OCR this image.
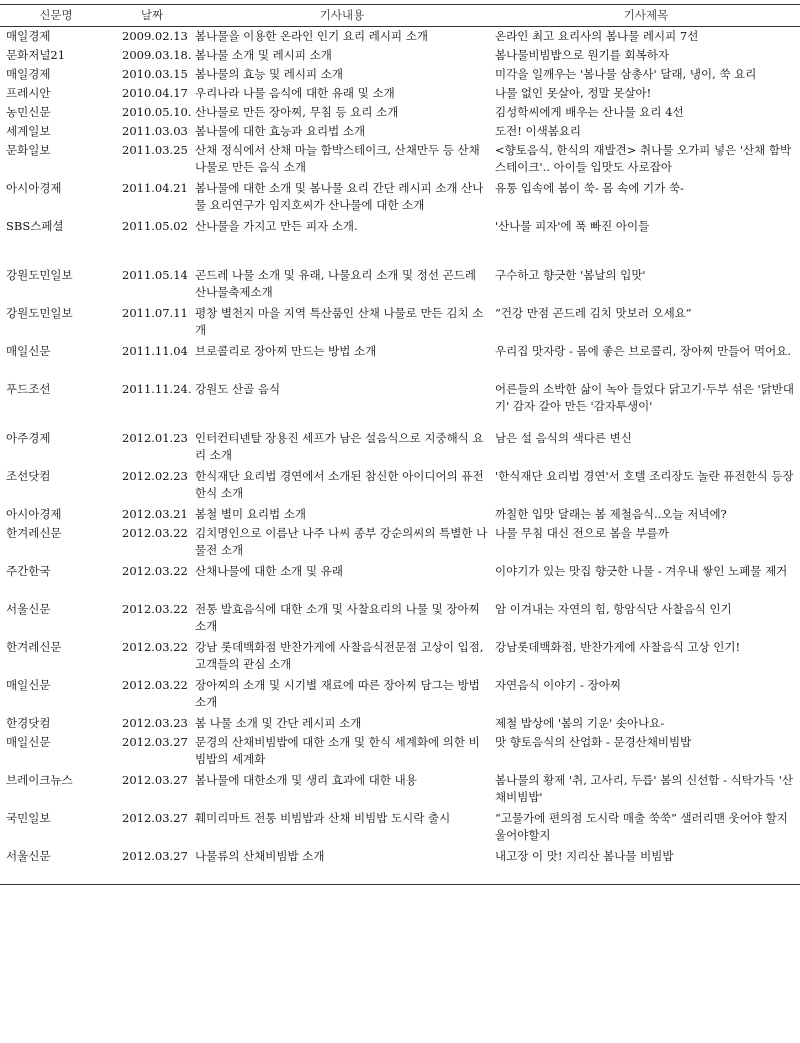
신문명	날짜	기사내용	기사제목
매일경제	2009.02.13	봄나물을 이용한 온라인 인기 요리 레시피 소개	온라인 최고 요리사의 봄나물 레시피 7선
문화저널21	2009.03.18.	봄나물 소개 및 레시피 소개	봄나물비빔밥으로 원기를 회복하자
매일경제	2010.03.15	봄나물의 효능 및 레시피 소개	미각을 일깨우는 '봄나물 삼총사' 달래, 냉이, 쑥 요리
프레시안	2010.04.17	우리나라 나물 음식에 대한 유래 및 소개	나물 없인 못살아, 정말 못살아!
농민신문	2010.05.10.	산나물로 만든 장아찌, 무침 등 요리 소개	김성학씨에게 배우는 산나물 요리 4선
세계일보	2011.03.03	봄나물에 대한 효능과 요리법 소개	도전! 이색봄요리
문화일보	2011.03.25	산채 정식에서 산채 마늘 함박스테이크, 산채만두 등 산채나물로 만든 음식 소개	<향토음식, 한식의 재발견> 취나물 오가피 넣은 '산채 함박스테이크'.. 아이들 입맛도 사로잡아
아시아경제	2011.04.21	봄나물에 대한 소개 및 봄나물 요리 간단 레시피 소개 산나물 요리연구가 임지호씨가 산나물에 대한 소개	유통 입속에 봄이 쑥- 몸 속에 기가 쑥-
SBS스페셜	2011.05.02	산나물을 가지고 만든 피자 소개.	'산나물 피자'에 푹 빠진 아이들
강원도민일보	2011.05.14	곤드레 나물 소개 및 유래, 나물요리 소개 및 정선 곤드레 산나물축제소개	구수하고 향긋한 '봄날의 입맛'
강원도민일보	2011.07.11	평창 별천지 마을 지역 특산품인 산채 나물로 만든 김치 소개	“건강 만점 곤드레 김치 맛보러 오세요”
매일신문	2011.11.04	브로콜리로 장아찌 만드는 방법 소개	우리집 맛자랑 - 몸에 좋은 브로콜리, 장아찌 만들어 먹어요.
푸드조선	2011.11.24.	강원도 산골 음식	어른들의 소박한 삶이 녹아 들었다 닭고기·두부 섞은 '닭반대기' 감자 갈아 만든 '감자투생이'
아주경제	2012.01.23	인터컨티넨탈 장용진 세프가 남은 설음식으로 지중해식 요리 소개	남은 설 음식의 색다른 변신
조선닷컴	2012.02.23	한식재단 요리법 경연에서 소개된 참신한 아이디어의 퓨전 한식 소개	'한식재단 요리법 경연'서 호텔 조리장도 놀란 퓨전한식 등장
아시아경제	2012.03.21	봄철 별미 요리법 소개	까칠한 입맛 달래는 봄 제철음식..오늘 저녁에?
한겨레신문	2012.03.22	김치명인으로 이름난 나주 나씨 종부 강순의씨의 특별한 나물전 소개	나물 무침 대신 전으로 봄을 부를까
주간한국	2012.03.22	산채나물에 대한 소개 및 유래	이야기가 있는 맛집 향긋한 나물 - 겨우내 쌓인 노폐물 제거
서울신문	2012.03.22	전통 발효음식에 대한 소개 및 사찰요리의 나물 및 장아찌 소개	암 이겨내는 자연의 힘, 항암식단 사찰음식 인기
한겨레신문	2012.03.22	강남 롯데백화점 반찬가게에 사찰음식전문점 고상이 입점, 고객들의 관심 소개	강남롯데백화점, 반찬가게에 사찰음식 고상 인기!
매일신문	2012.03.22	장아찌의 소개 및 시기별 재료에 따른 장아찌 담그는 방법 소개	자연음식 이야기 - 장아찌
한경닷컴	2012.03.23	봄 나물 소개 및 간단 레시피 소개	제철 밥상에 '봄의 기운' 솟아나요-
매일신문	2012.03.27	문경의 산채비빔밥에 대한 소개 및 한식 세계화에 의한 비빔밥의 세계화	맛 향토음식의 산업화 - 문경산채비빔밥
브레이크뉴스	2012.03.27	봄나물에 대한소개 및 생리 효과에 대한 내용	봄나물의 황제 '취, 고사리, 두릅' 봄의 신선함 - 식탁가득 '산채비빔밥'
국민일보	2012.03.27	훼미리마트 전통 비빔밥과 산채 비빔밥 도시락 출시	“고물가에 편의점 도시락 매출 쑥쑥” 샐러리맨 웃어야 할지 울어야할지
서울신문	2012.03.27	나물류의 산채비빔밥 소개	내고장 이 맛! 지리산 봄나물 비빔밥
